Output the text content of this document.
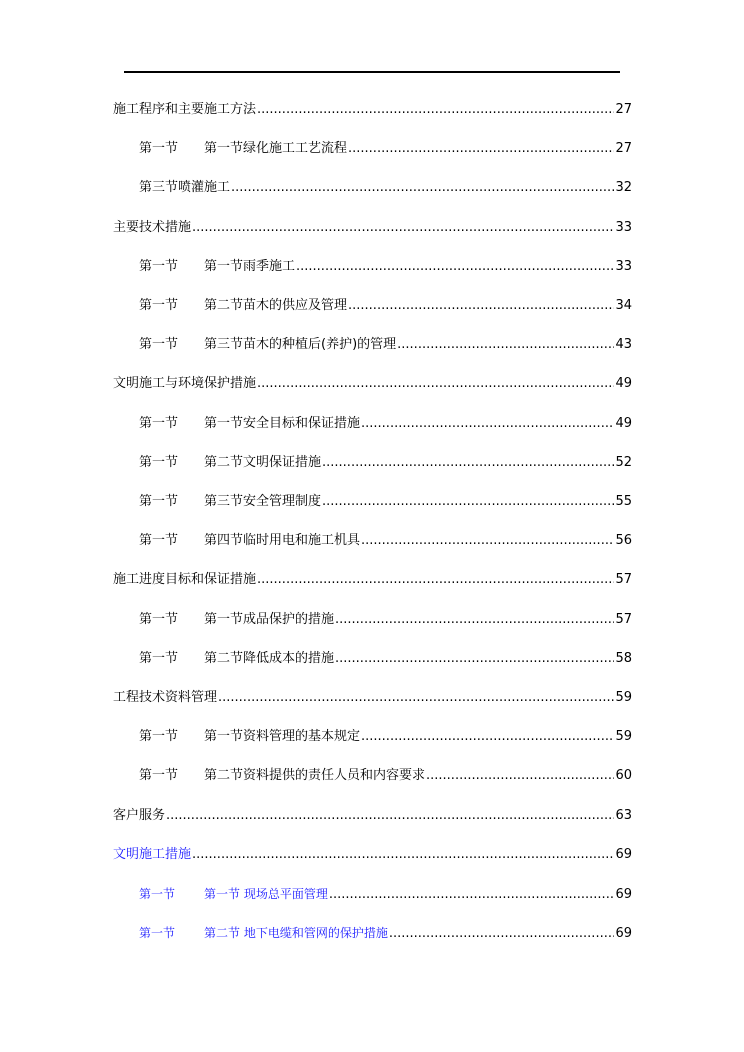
施工程序和主要施工方法 .....	27
第一节	第一节绿化施工工艺流程 .....	27
第三节喷灌施工 .....	32
主要技术措施 .....	33
第一节	第一节雨季施工 .....	33
第一节	第二节苗木的供应及管理 .....	34
第一节	第三节苗木的种植后(养护)的管理 .....	43
文明施工与环境保护措施 .....	49
第一节	第一节安全目标和保证措施 .....	49
第一节	第二节文明保证措施 .....	52
第一节	第三节安全管理制度 .....	55
第一节	第四节临时用电和施工机具 .....	56
施工进度目标和保证措施 .....	57
第一节	第一节成品保护的措施 .....	57
第一节	第二节降低成本的措施 .....	58
工程技术资料管理 .....	59
第一节	第一节资料管理的基本规定 .....	59
第一节	第二节资料提供的责任人员和内容要求 .....	60
客户服务 .....	63
文明施工措施 .....	69
第一节	第一节 现场总平面管理 .....	69
第一节	第二节 地下电缆和管网的保护措施 .....	69
